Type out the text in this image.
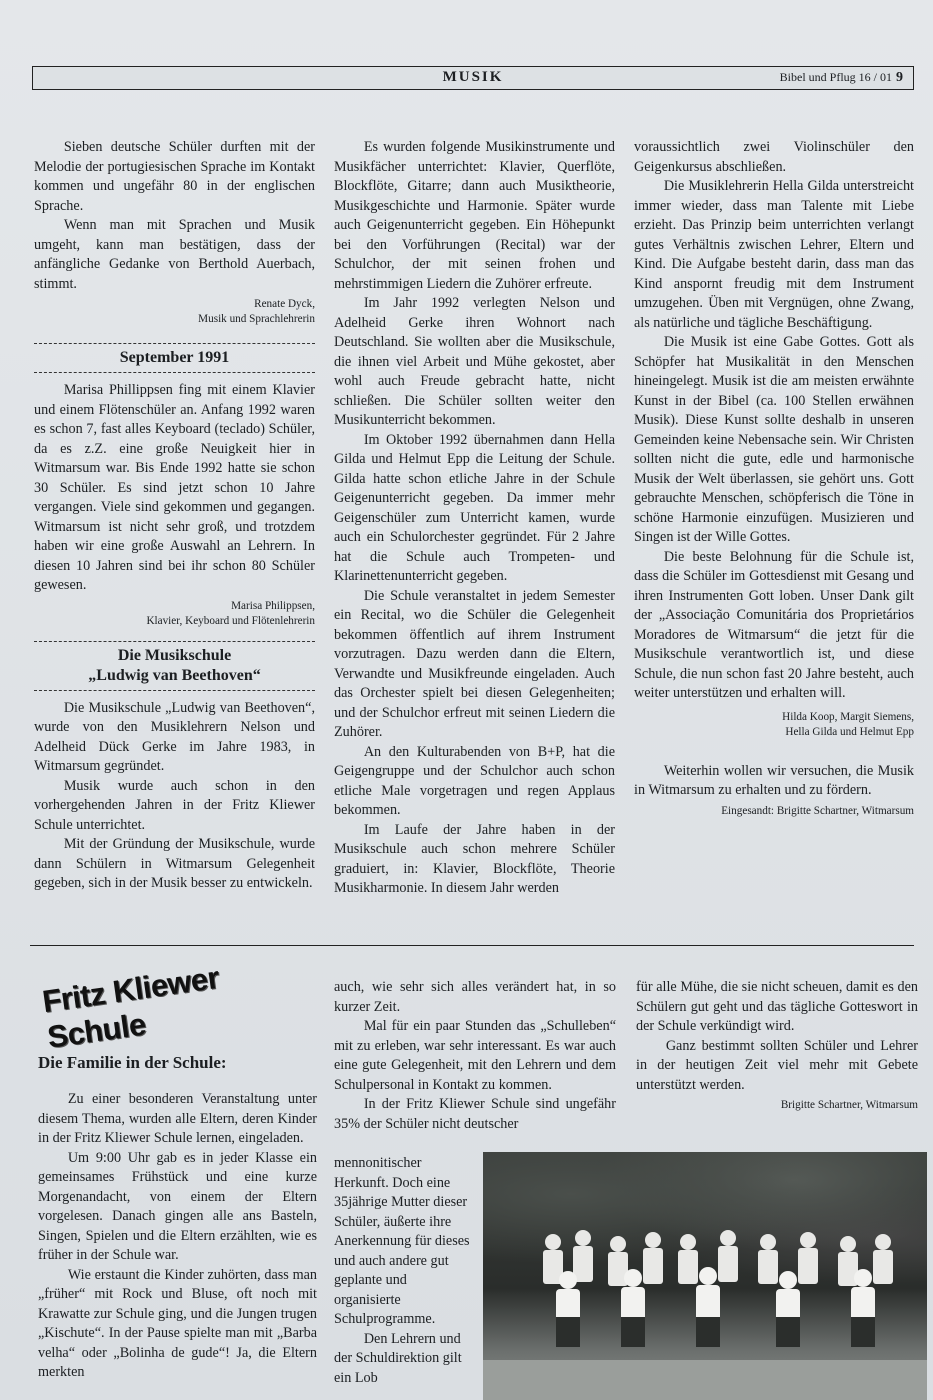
MUSIK	Bibel und Pflug 16 / 01 9

Sieben deutsche Schüler durften mit der Melodie der portugiesischen Sprache im Kontakt kommen und ungefähr 80 in der englischen Sprache.

Wenn man mit Sprachen und Musik umgeht, kann man bestätigen, dass der anfängliche Gedanke von Berthold Auerbach, stimmt.

Renate Dyck,
Musik und Sprachlehrerin
September 1991

Marisa Phillippsen fing mit einem Klavier und einem Flötenschüler an. Anfang 1992 waren es schon 7, fast alles Keyboard (teclado) Schüler, da es z.Z. eine große Neuigkeit hier in Witmarsum war. Bis Ende 1992 hatte sie schon 30 Schüler. Es sind jetzt schon 10 Jahre vergangen. Viele sind gekommen und gegangen. Witmarsum ist nicht sehr groß, und trotzdem haben wir eine große Auswahl an Lehrern. In diesen 10 Jahren sind bei ihr schon 80 Schüler gewesen.

Marisa Philippsen,
Klavier, Keyboard und Flötenlehrerin
Die Musikschule
„Ludwig van Beethoven“

Die Musikschule „Ludwig van Beethoven“, wurde von den Musiklehrern Nelson und Adelheid Dück Gerke im Jahre 1983, in Witmarsum gegründet.

Musik wurde auch schon in den vorhergehenden Jahren in der Fritz Kliewer Schule unterrichtet.

Mit der Gründung der Musikschule, wurde dann Schülern in Witmarsum Gelegenheit gegeben, sich in der Musik besser zu entwickeln.

Es wurden folgende Musikinstrumente und Musikfächer unterrichtet: Klavier, Querflöte, Blockflöte, Gitarre; dann auch Musiktheorie, Musikgeschichte und Harmonie. Später wurde auch Geigenunterricht gegeben. Ein Höhepunkt bei den Vorführungen (Recital) war der Schulchor, der mit seinen frohen und mehrstimmigen Liedern die Zuhörer erfreute.

Im Jahr 1992 verlegten Nelson und Adelheid Gerke ihren Wohnort nach Deutschland. Sie wollten aber die Musikschule, die ihnen viel Arbeit und Mühe gekostet, aber wohl auch Freude gebracht hatte, nicht schließen. Die Schüler sollten weiter den Musikunterricht bekommen.

Im Oktober 1992 übernahmen dann Hella Gilda und Helmut Epp die Leitung der Schule. Gilda hatte schon etliche Jahre in der Schule Geigenunterricht gegeben. Da immer mehr Geigenschüler zum Unterricht kamen, wurde auch ein Schulorchester gegründet. Für 2 Jahre hat die Schule auch Trompeten- und Klarinettenunterricht gegeben.

Die Schule veranstaltet in jedem Semester ein Recital, wo die Schüler die Gelegenheit bekommen öffentlich auf ihrem Instrument vorzutragen. Dazu werden dann die Eltern, Verwandte und Musikfreunde eingeladen. Auch das Orchester spielt bei diesen Gelegenheiten; und der Schulchor erfreut mit seinen Liedern die Zuhörer.

An den Kulturabenden von B+P, hat die Geigengruppe und der Schulchor auch schon etliche Male vorgetragen und regen Applaus bekommen.

Im Laufe der Jahre haben in der Musikschule auch schon mehrere Schüler graduiert, in: Klavier, Blockflöte, Theorie Musikharmonie. In diesem Jahr werden

voraussichtlich zwei Violinschüler den Geigenkursus abschließen.

Die Musiklehrerin Hella Gilda unterstreicht immer wieder, dass man Talente mit Liebe erzieht. Das Prinzip beim unterrichten verlangt gutes Verhältnis zwischen Lehrer, Eltern und Kind. Die Aufgabe besteht darin, dass man das Kind anspornt freudig mit dem Instrument umzugehen. Üben mit Vergnügen, ohne Zwang, als natürliche und tägliche Beschäftigung.

Die Musik ist eine Gabe Gottes. Gott als Schöpfer hat Musikalität in den Menschen hineingelegt. Musik ist die am meisten erwähnte Kunst in der Bibel (ca. 100 Stellen erwähnen Musik). Diese Kunst sollte deshalb in unseren Gemeinden keine Nebensache sein. Wir Christen sollten nicht die gute, edle und harmonische Musik der Welt überlassen, sie gehört uns. Gott gebrauchte Menschen, schöpferisch die Töne in schöne Harmonie einzufügen. Musizieren und Singen ist der Wille Gottes.

Die beste Belohnung für die Schule ist, dass die Schüler im Gottesdienst mit Gesang und ihren Instrumenten Gott loben. Unser Dank gilt der „Associação Comunitária dos Proprietários Moradores de Witmarsum“ die jetzt für die Musikschule verantwortlich ist, und diese Schule, die nun schon fast 20 Jahre besteht, auch weiter unterstützen und erhalten will.

Hilda Koop, Margit Siemens,
Hella Gilda und Helmut Epp

Weiterhin wollen wir versuchen, die Musik in Witmarsum zu erhalten und zu fördern.

Eingesandt: Brigitte Schartner, Witmarsum
Fritz Kliewer Schule
Die Familie in der Schule:

Zu einer besonderen Veranstaltung unter diesem Thema, wurden alle Eltern, deren Kinder in der Fritz Kliewer Schule lernen, eingeladen.

Um 9:00 Uhr gab es in jeder Klasse ein gemeinsames Frühstück und eine kurze Morgenandacht, von einem der Eltern vorgelesen. Danach gingen alle ans Basteln, Singen, Spielen und die Eltern erzählten, wie es früher in der Schule war.

Wie erstaunt die Kinder zuhörten, dass man „früher“ mit Rock und Bluse, oft noch mit Krawatte zur Schule ging, und die Jungen trugen „Kischute“. In der Pause spielte man mit „Barba velha“ oder „Bolinha de gude“! Ja, die Eltern merkten

auch, wie sehr sich alles verändert hat, in so kurzer Zeit.

Mal für ein paar Stunden das „Schulleben“ mit zu erleben, war sehr interessant. Es war auch eine gute Gelegenheit, mit den Lehrern und dem Schulpersonal in Kontakt zu kommen.

In der Fritz Kliewer Schule sind ungefähr 35% der Schüler nicht deutscher

mennonitischer Herkunft. Doch eine 35jährige Mutter dieser Schüler, äußerte ihre Anerkennung für dieses und auch andere gut geplante und organisierte Schulprogramme.

Den Lehrern und der Schuldirektion gilt ein Lob

für alle Mühe, die sie nicht scheuen, damit es den Schülern gut geht und das tägliche Gotteswort in der Schule verkündigt wird.

Ganz bestimmt sollten Schüler und Lehrer in der heutigen Zeit viel mehr mit Gebete unterstützt werden.

Brigitte Schartner, Witmarsum
